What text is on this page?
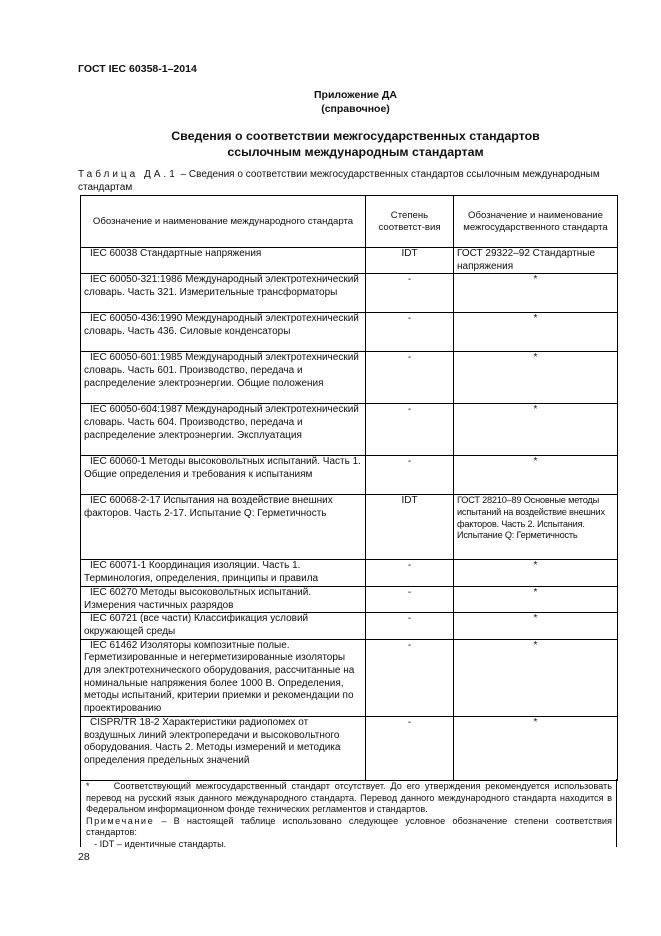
ГОСТ IEC 60358-1–2014
Приложение ДА
(справочное)
Сведения о соответствии межгосударственных стандартов
ссылочным международным стандартам
Таблица ДА.1 – Сведения о соответствии межгосударственных стандартов ссылочным международным стандартам
Обозначение и наименование международного стандарта	Степень соответст-вия	Обозначение и наименование межгосударственного стандарта
IEC 60038 Стандартные напряжения	IDT	ГОСТ 29322–92 Стандартные напряжения
IEC 60050-321:1986 Международный электротехнический словарь. Часть 321. Измерительные трансформаторы	-	*
IEC 60050-436:1990 Международный электротехнический словарь. Часть 436. Силовые конденсаторы	-	*
IEC 60050-601:1985 Международный электротехнический словарь. Часть 601. Производство, передача и распределение электроэнергии. Общие положения	-	*
IEC 60050-604:1987 Международный электротехнический словарь. Часть 604. Производство, передача и распределение электроэнергии. Эксплуатация	-	*
IEC 60060-1 Методы высоковольтных испытаний. Часть 1. Общие определения и требования к испытаниям	-	*
IEC 60068-2-17 Испытания на воздействие внешних факторов. Часть 2-17. Испытание Q: Герметичность	IDT	ГОСТ 28210–89 Основные методы испытаний на воздействие внешних факторов. Часть 2. Испытания. Испытание Q: Герметичность
IEC 60071-1 Координация изоляции. Часть 1. Терминология, определения, принципы и правила	-	*
IEC 60270 Методы высоковольтных испытаний. Измерения частичных разрядов	-	*
IEC 60721 (все части) Классификация условий окружающей среды	-	*
IEC 61462 Изоляторы композитные полые. Герметизированные и негерметизированные изоляторы для электротехнического оборудования, рассчитанные на номинальные напряжения более 1000 В. Определения, методы испытаний, критерии приемки и рекомендации по проектированию	-	*
CISPR/TR 18-2 Характеристики радиопомех от воздушных линий электропередачи и высоковольтного оборудования. Часть 2. Методы измерений и методика определения предельных значений	-	*

*	Соответствующий межгосударственный стандарт отсутствует. До его утверждения рекомендуется использовать перевод на русский язык данного международного стандарта. Перевод данного международного стандарта находится в Федеральном информационном фонде технических регламентов и стандартов.

Примечание – В настоящей таблице использовано следующее условное обозначение степени соответствия стандартов:

- IDT – идентичные стандарты.

28
